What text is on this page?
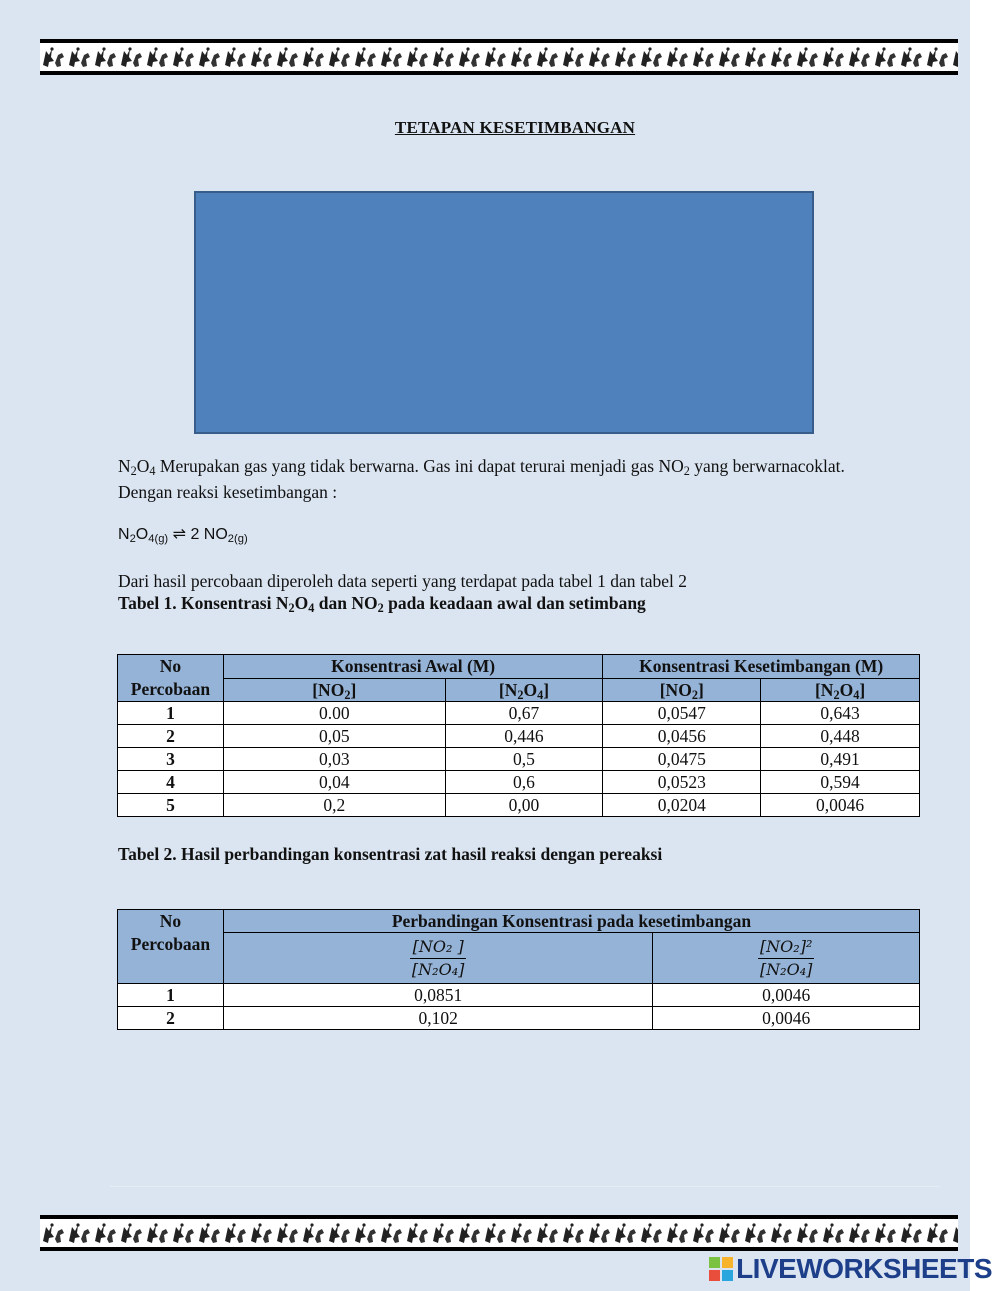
TETAPAN KESETIMBANGAN
$N_2O_4$ Merupakan gas yang tidak berwarna. Gas ini dapat terurai menjadi gas $NO_2$ yang berwarnacoklat. Dengan reaksi kesetimbangan :
$N_2O_{4(g)}$ ⇌ 2 $NO_{2(g)}$
Dari hasil percobaan diperoleh data seperti yang terdapat pada tabel 1 dan tabel 2
Tabel 1. Konsentrasi $N_2O_4$ dan $NO_2$ pada keadaan awal dan setimbang
No
Percobaan	Konsentrasi Awal (M)		Konsentrasi Kesetimbangan (M)	
	$[NO_2]$	$[N_2O_4]$	$[NO_2]$	$[N_2O_4]$
1	0.00	0,67	0,0547	0,643
2	0,05	0,446	0,0456	0,448
3	0,03	0,5	0,0475	0,491
4	0,04	0,6	0,0523	0,594
5	0,2	0,00	0,0204	0,0046
Tabel 2. Hasil perbandingan konsentrasi zat hasil reaksi dengan pereaksi
No
Percobaan	Perbandingan Konsentrasi pada kesetimbangan	

	$\frac{\text{[NO₂ ]}}{\text{[N₂O₄]}}$	$\frac{\text{[NO₂]²}}{\text{[N₂O₄]}}$

1	0,0851	0,0046
2	0,102	0,0046
LIVEWORKSHEETS
